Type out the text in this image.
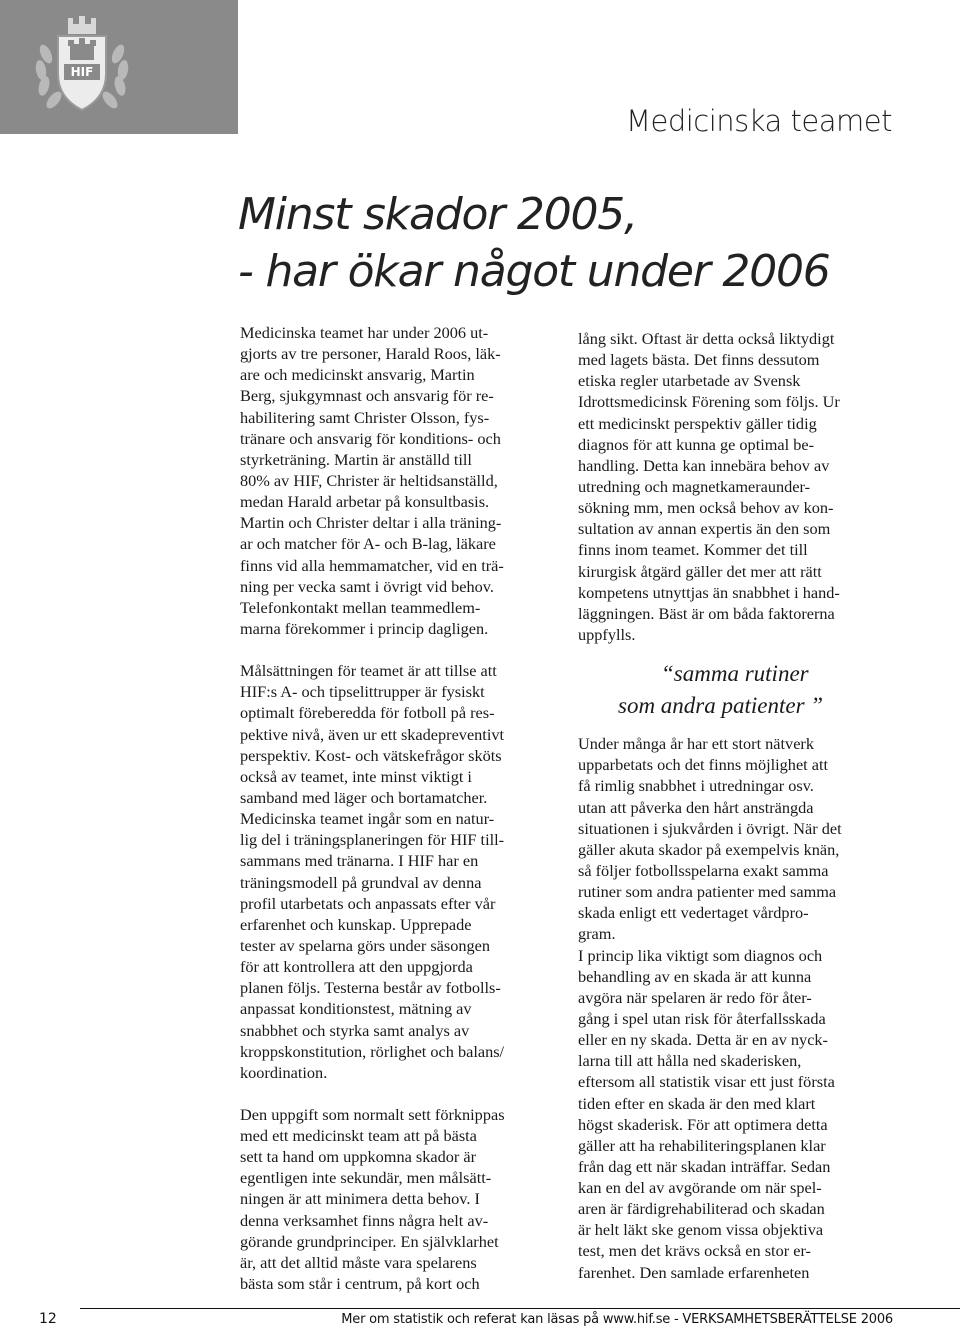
HIF
Medicinska teamet
Minst skador 2005,
- har ökar något under 2006

Medicinska teamet har under 2006 ut-
gjorts av tre personer, Harald Roos, läk-
are och medicinskt ansvarig, Martin
Berg, sjukgymnast och ansvarig för re-
habilitering samt Christer Olsson, fys-
tränare och ansvarig för konditions- och
styrketräning. Martin är anställd till
80% av HIF, Christer är heltidsanställd,
medan Harald arbetar på konsultbasis.
Martin och Christer deltar i alla träning-
ar och matcher för A- och B-lag, läkare
finns vid alla hemmamatcher, vid en trä-
ning per vecka samt i övrigt vid behov.
Telefonkontakt mellan teammedlem-
marna förekommer i princip dagligen.

Målsättningen för teamet är att tillse att
HIF:s A- och tipselittrupper är fysiskt
optimalt föreberedda för fotboll på res-
pektive nivå, även ur ett skadepreventivt
perspektiv. Kost- och vätskefrågor sköts
också av teamet, inte minst viktigt i
samband med läger och bortamatcher.
Medicinska teamet ingår som en natur-
lig del i träningsplaneringen för HIF till-
sammans med tränarna. I HIF har en
träningsmodell på grundval av denna
profil utarbetats och anpassats efter vår
erfarenhet och kunskap. Upprepade
tester av spelarna görs under säsongen
för att kontrollera att den uppgjorda
planen följs. Testerna består av fotbolls-
anpassat konditionstest, mätning av
snabbhet och styrka samt analys av
kroppskonstitution, rörlighet och balans/
koordination.

Den uppgift som normalt sett förknippas
med ett medicinskt team att på bästa
sett ta hand om uppkomna skador är
egentligen inte sekundär, men målsätt-
ningen är att minimera detta behov. I
denna verksamhet finns några helt av-
görande grundprinciper. En självklarhet
är, att det alltid måste vara spelarens
bästa som står i centrum, på kort och

lång sikt. Oftast är detta också liktydigt
med lagets bästa. Det finns dessutom
etiska regler utarbetade av Svensk
Idrottsmedicinsk Förening som följs. Ur
ett medicinskt perspektiv gäller tidig
diagnos för att kunna ge optimal be-
handling. Detta kan innebära behov av
utredning och magnetkameraunder-
sökning mm, men också behov av kon-
sultation av annan expertis än den som
finns inom teamet. Kommer det till
kirurgisk åtgärd gäller det mer att rätt
kompetens utnyttjas än snabbhet i hand-
läggningen. Bäst är om båda faktorerna
uppfylls.

“samma rutiner
som andra patienter ”

Under många år har ett stort nätverk
upparbetats och det finns möjlighet att
få rimlig snabbhet i utredningar osv.
utan att påverka den hårt ansträngda
situationen i sjukvården i övrigt. När det
gäller akuta skador på exempelvis knän,
så följer fotbollsspelarna exakt samma
rutiner som andra patienter med samma
skada enligt ett vedertaget vårdpro-
gram.
I princip lika viktigt som diagnos och
behandling av en skada är att kunna
avgöra när spelaren är redo för åter-
gång i spel utan risk för återfallsskada
eller en ny skada. Detta är en av nyck-
larna till att hålla ned skaderisken,
eftersom all statistik visar ett just första
tiden efter en skada är den med klart
högst skaderisk. För att optimera detta
gäller att ha rehabiliteringsplanen klar
från dag ett när skadan inträffar. Sedan
kan en del av avgörande om när spel-
aren är färdigrehabiliterad och skadan
är helt läkt ske genom vissa objektiva
test, men det krävs också en stor er-
farenhet. Den samlade erfarenheten

12	Mer om statistik och referat kan läsas på www.hif.se - VERKSAMHETSBERÄTTELSE 2006
